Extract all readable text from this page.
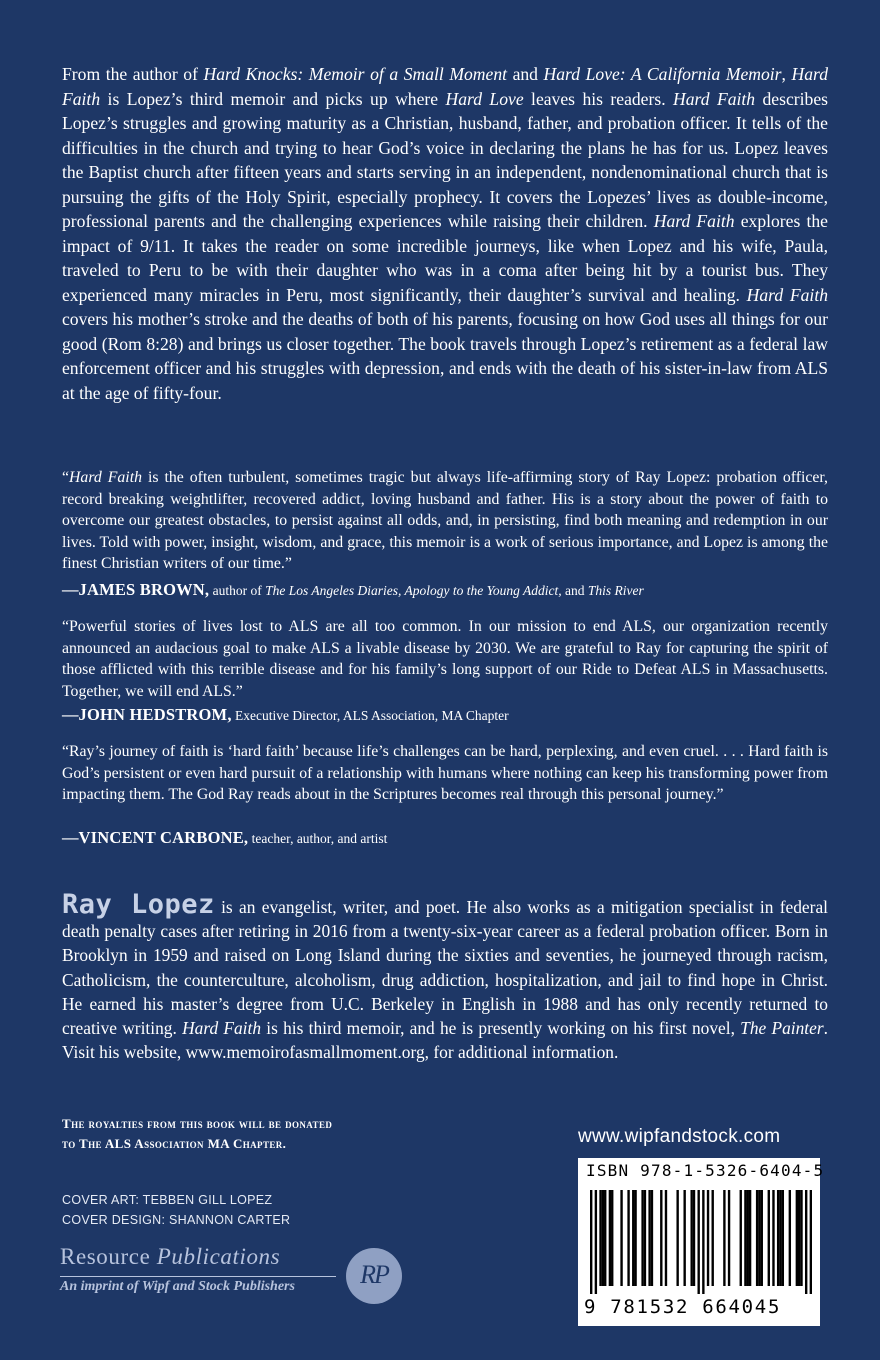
From the author of Hard Knocks: Memoir of a Small Moment and Hard Love: A California Memoir, Hard Faith is Lopez’s third memoir and picks up where Hard Love leaves his readers. Hard Faith describes Lopez’s struggles and growing maturity as a Christian, husband, father, and probation officer. It tells of the difficulties in the church and trying to hear God’s voice in declaring the plans he has for us. Lopez leaves the Baptist church after fifteen years and starts serving in an independent, nondenominational church that is pursuing the gifts of the Holy Spirit, especially prophecy. It covers the Lopezes’ lives as double-income, professional parents and the challenging experiences while raising their children. Hard Faith explores the impact of 9/11. It takes the reader on some incredible journeys, like when Lopez and his wife, Paula, traveled to Peru to be with their daughter who was in a coma after being hit by a tourist bus. They experienced many miracles in Peru, most significantly, their daughter’s survival and healing. Hard Faith covers his mother’s stroke and the deaths of both of his parents, focusing on how God uses all things for our good (Rom 8:28) and brings us closer together. The book travels through Lopez’s retirement as a federal law enforcement officer and his struggles with depression, and ends with the death of his sister-in-law from ALS at the age of fifty-four.

“Hard Faith is the often turbulent, sometimes tragic but always life-affirming story of Ray Lopez: probation officer, record breaking weightlifter, recovered addict, loving husband and father. His is a story about the power of faith to overcome our greatest obstacles, to persist against all odds, and, in persisting, find both meaning and redemption in our lives. Told with power, insight, wisdom, and grace, this memoir is a work of serious importance, and Lopez is among the finest Christian writers of our time.”

—JAMES BROWN, author of The Los Angeles Diaries, Apology to the Young Addict, and This River

“Powerful stories of lives lost to ALS are all too common. In our mission to end ALS, our organization recently announced an audacious goal to make ALS a livable disease by 2030. We are grateful to Ray for capturing the spirit of those afflicted with this terrible disease and for his family’s long support of our Ride to Defeat ALS in Massachusetts. Together, we will end ALS.”

—JOHN HEDSTROM, Executive Director, ALS Association, MA Chapter

“Ray’s journey of faith is ‘hard faith’ because life’s challenges can be hard, perplexing, and even cruel. . . . Hard faith is God’s persistent or even hard pursuit of a relationship with humans where nothing can keep his transforming power from impacting them. The God Ray reads about in the Scriptures becomes real through this personal journey.”

—VINCENT CARBONE, teacher, author, and artist

Ray Lopez is an evangelist, writer, and poet. He also works as a mitigation specialist in federal death penalty cases after retiring in 2016 from a twenty-six-year career as a federal probation officer. Born in Brooklyn in 1959 and raised on Long Island during the sixties and seventies, he journeyed through racism, Catholicism, the counterculture, alcoholism, drug addiction, hospitalization, and jail to find hope in Christ. He earned his master’s degree from U.C. Berkeley in English in 1988 and has only recently returned to creative writing. Hard Faith is his third memoir, and he is presently working on his first novel, The Painter. Visit his website, www.memoirofasmallmoment.org, for additional information.

The royalties from this book will be donated
to The ALS Association MA Chapter.

COVER ART: TEBBEN GILL LOPEZ
COVER DESIGN: SHANNON CARTER
Resource Publications
An imprint of Wipf and Stock Publishers	RP
www.wipfandstock.com
ISBN 978-1-5326-6404-5
9 781532 664045
